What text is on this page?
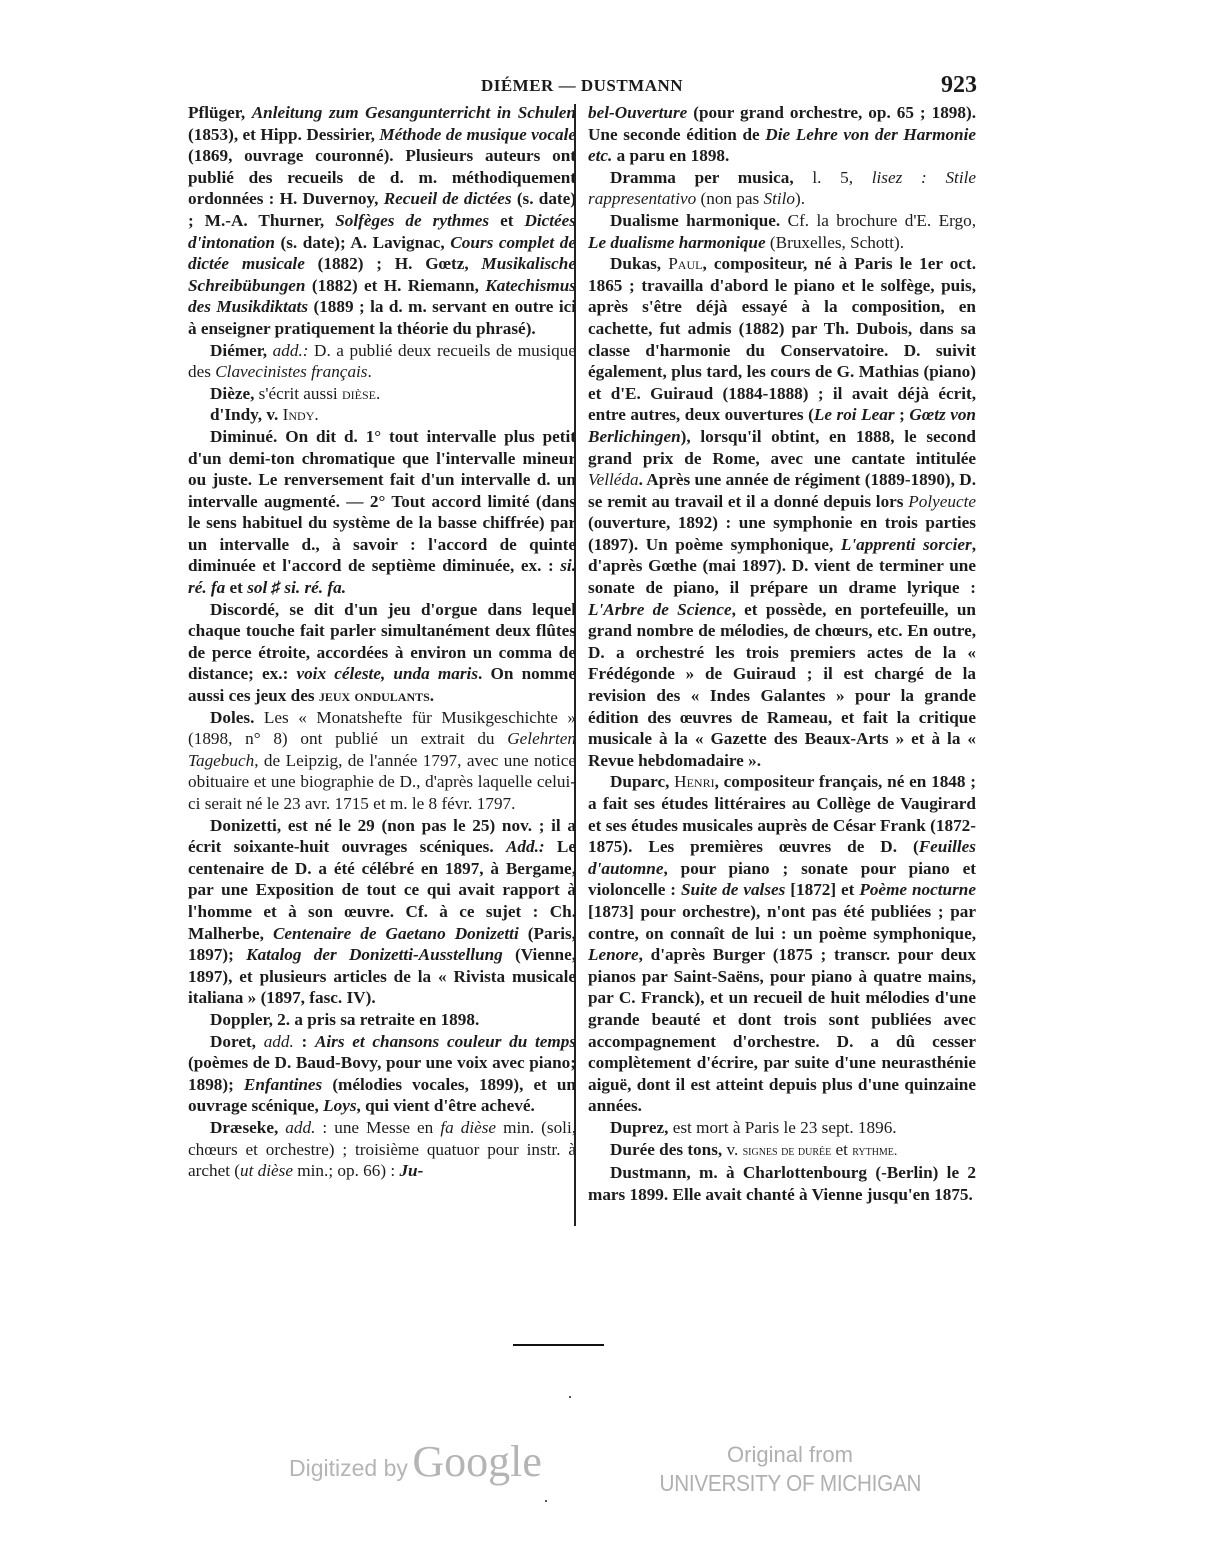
DIÉMER — DUSTMANN	923

Pflüger, Anleitung zum Gesangunterricht in Schulen (1853), et Hipp. Dessirier, Méthode de musique vocale (1869, ouvrage couronné). Plusieurs auteurs ont publié des recueils de d. m. méthodiquement ordonnées : H. Duvernoy, Recueil de dictées (s. date) ; M.-A. Thurner, Solfèges de rythmes et Dictées d'intonation (s. date); A. Lavignac, Cours complet de dictée musicale (1882) ; H. Gœtz, Musikalische Schreibübungen (1882) et H. Riemann, Katechismus des Musikdiktats (1889 ; la d. m. servant en outre ici à enseigner pratiquement la théorie du phrasé).

Diémer, add.: D. a publié deux recueils de musique des Clavecinistes français.

Dièze, s'écrit aussi dièse.

d'Indy, v. Indy.

Diminué. On dit d. 1° tout intervalle plus petit d'un demi-ton chromatique que l'intervalle mineur ou juste. Le renversement fait d'un intervalle d. un intervalle augmenté. — 2° Tout accord limité (dans le sens habituel du système de la basse chiffrée) par un intervalle d., à savoir : l'accord de quinte diminuée et l'accord de septième diminuée, ex. : si. ré. fa et sol ♯ si. ré. fa.

Discordé, se dit d'un jeu d'orgue dans lequel chaque touche fait parler simultanément deux flûtes de perce étroite, accordées à environ un comma de distance; ex.: voix céleste, unda maris. On nomme aussi ces jeux des jeux ondulants.

Doles. Les « Monatshefte für Musikgeschichte » (1898, n° 8) ont publié un extrait du Gelehrten Tagebuch, de Leipzig, de l'année 1797, avec une notice obituaire et une biographie de D., d'après laquelle celui-ci serait né le 23 avr. 1715 et m. le 8 févr. 1797.

Donizetti, est né le 29 (non pas le 25) nov. ; il a écrit soixante-huit ouvrages scéniques. Add.: Le centenaire de D. a été célébré en 1897, à Bergame, par une Exposition de tout ce qui avait rapport à l'homme et à son œuvre. Cf. à ce sujet : Ch. Malherbe, Centenaire de Gaetano Donizetti (Paris, 1897); Katalog der Donizetti-Ausstellung (Vienne, 1897), et plusieurs articles de la « Rivista musicale italiana » (1897, fasc. IV).

Doppler, 2. a pris sa retraite en 1898.

Doret, add. : Airs et chansons couleur du temps (poèmes de D. Baud-Bovy, pour une voix avec piano; 1898); Enfantines (mélodies vocales, 1899), et un ouvrage scénique, Loys, qui vient d'être achevé.

Dræseke, add. : une Messe en fa dièse min. (soli, chœurs et orchestre) ; troisième quatuor pour instr. à archet (ut dièse min.; op. 66) : Ju-

bel-Ouverture (pour grand orchestre, op. 65 ; 1898). Une seconde édition de Die Lehre von der Harmonie etc. a paru en 1898.

Dramma per musica, l. 5, lisez : Stile rappresentativo (non pas Stilo).

Dualisme harmonique. Cf. la brochure d'E. Ergo, Le dualisme harmonique (Bruxelles, Schott).

Dukas, Paul, compositeur, né à Paris le 1er oct. 1865 ; travailla d'abord le piano et le solfège, puis, après s'être déjà essayé à la composition, en cachette, fut admis (1882) par Th. Dubois, dans sa classe d'harmonie du Conservatoire. D. suivit également, plus tard, les cours de G. Mathias (piano) et d'E. Guiraud (1884-1888) ; il avait déjà écrit, entre autres, deux ouvertures (Le roi Lear ; Gœtz von Berlichingen), lorsqu'il obtint, en 1888, le second grand prix de Rome, avec une cantate intitulée Velléda. Après une année de régiment (1889-1890), D. se remit au travail et il a donné depuis lors Polyeucte (ouverture, 1892) : une symphonie en trois parties (1897). Un poème symphonique, L'apprenti sorcier, d'après Gœthe (mai 1897). D. vient de terminer une sonate de piano, il prépare un drame lyrique : L'Arbre de Science, et possède, en portefeuille, un grand nombre de mélodies, de chœurs, etc. En outre, D. a orchestré les trois premiers actes de la « Frédégonde » de Guiraud ; il est chargé de la revision des « Indes Galantes » pour la grande édition des œuvres de Rameau, et fait la critique musicale à la « Gazette des Beaux-Arts » et à la « Revue hebdomadaire ».

Duparc, Henri, compositeur français, né en 1848 ; a fait ses études littéraires au Collège de Vaugirard et ses études musicales auprès de César Frank (1872-1875). Les premières œuvres de D. (Feuilles d'automne, pour piano ; sonate pour piano et violoncelle : Suite de valses [1872] et Poème nocturne [1873] pour orchestre), n'ont pas été publiées ; par contre, on connaît de lui : un poème symphonique, Lenore, d'après Burger (1875 ; transcr. pour deux pianos par Saint-Saëns, pour piano à quatre mains, par C. Franck), et un recueil de huit mélodies d'une grande beauté et dont trois sont publiées avec accompagnement d'orchestre. D. a dû cesser complètement d'écrire, par suite d'une neurasthénie aiguë, dont il est atteint depuis plus d'une quinzaine années.

Duprez, est mort à Paris le 23 sept. 1896.

Durée des tons, v. signes de durée et rythme.

Dustmann, m. à Charlottenbourg (-Berlin) le 2 mars 1899. Elle avait chanté à Vienne jusqu'en 1875.

Digitized by Google	Original from
UNIVERSITY OF MICHIGAN
